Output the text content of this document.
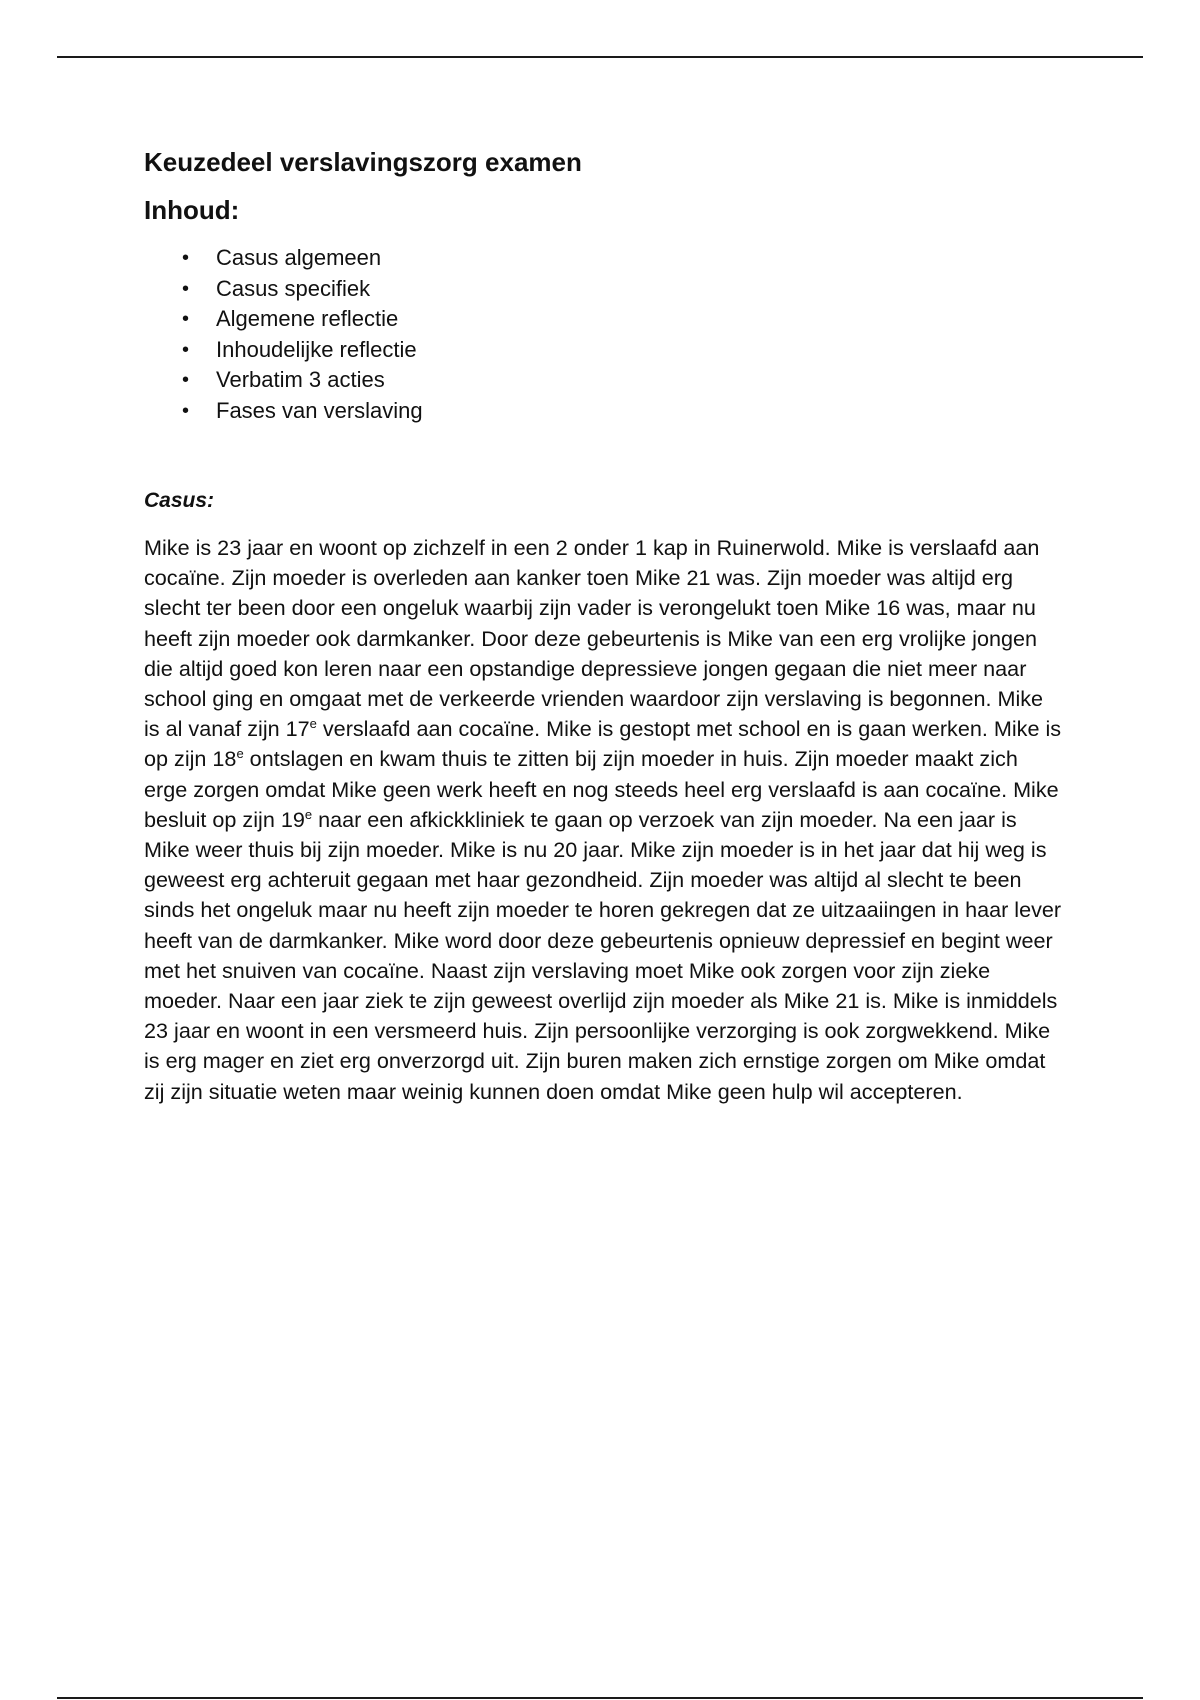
Keuzedeel verslavingszorg examen
Inhoud:
• Casus algemeen
• Casus specifiek
• Algemene reflectie
• Inhoudelijke reflectie
• Verbatim 3 acties
• Fases van verslaving

Casus:

Mike is 23 jaar en woont op zichzelf in een 2 onder 1 kap in Ruinerwold. Mike is verslaafd aan cocaïne. Zijn moeder is overleden aan kanker toen Mike 21 was. Zijn moeder was altijd erg slecht ter been door een ongeluk waarbij zijn vader is verongelukt toen Mike 16 was, maar nu heeft zijn moeder ook darmkanker. Door deze gebeurtenis is Mike van een erg vrolijke jongen die altijd goed kon leren naar een opstandige depressieve jongen gegaan die niet meer naar school ging en omgaat met de verkeerde vrienden waardoor zijn verslaving is begonnen. Mike is al vanaf zijn 17e verslaafd aan cocaïne. Mike is gestopt met school en is gaan werken. Mike is op zijn 18e ontslagen en kwam thuis te zitten bij zijn moeder in huis. Zijn moeder maakt zich erge zorgen omdat Mike geen werk heeft en nog steeds heel erg verslaafd is aan cocaïne. Mike besluit op zijn 19e naar een afkickkliniek te gaan op verzoek van zijn moeder. Na een jaar is Mike weer thuis bij zijn moeder. Mike is nu 20 jaar. Mike zijn moeder is in het jaar dat hij weg is geweest erg achteruit gegaan met haar gezondheid. Zijn moeder was altijd al slecht te been sinds het ongeluk maar nu heeft zijn moeder te horen gekregen dat ze uitzaaiingen in haar lever heeft van de darmkanker. Mike word door deze gebeurtenis opnieuw depressief en begint weer met het snuiven van cocaïne. Naast zijn verslaving moet Mike ook zorgen voor zijn zieke moeder. Naar een jaar ziek te zijn geweest overlijd zijn moeder als Mike 21 is. Mike is inmiddels 23 jaar en woont in een versmeerd huis. Zijn persoonlijke verzorging is ook zorgwekkend. Mike is erg mager en ziet erg onverzorgd uit. Zijn buren maken zich ernstige zorgen om Mike omdat zij zijn situatie weten maar weinig kunnen doen omdat Mike geen hulp wil accepteren.
